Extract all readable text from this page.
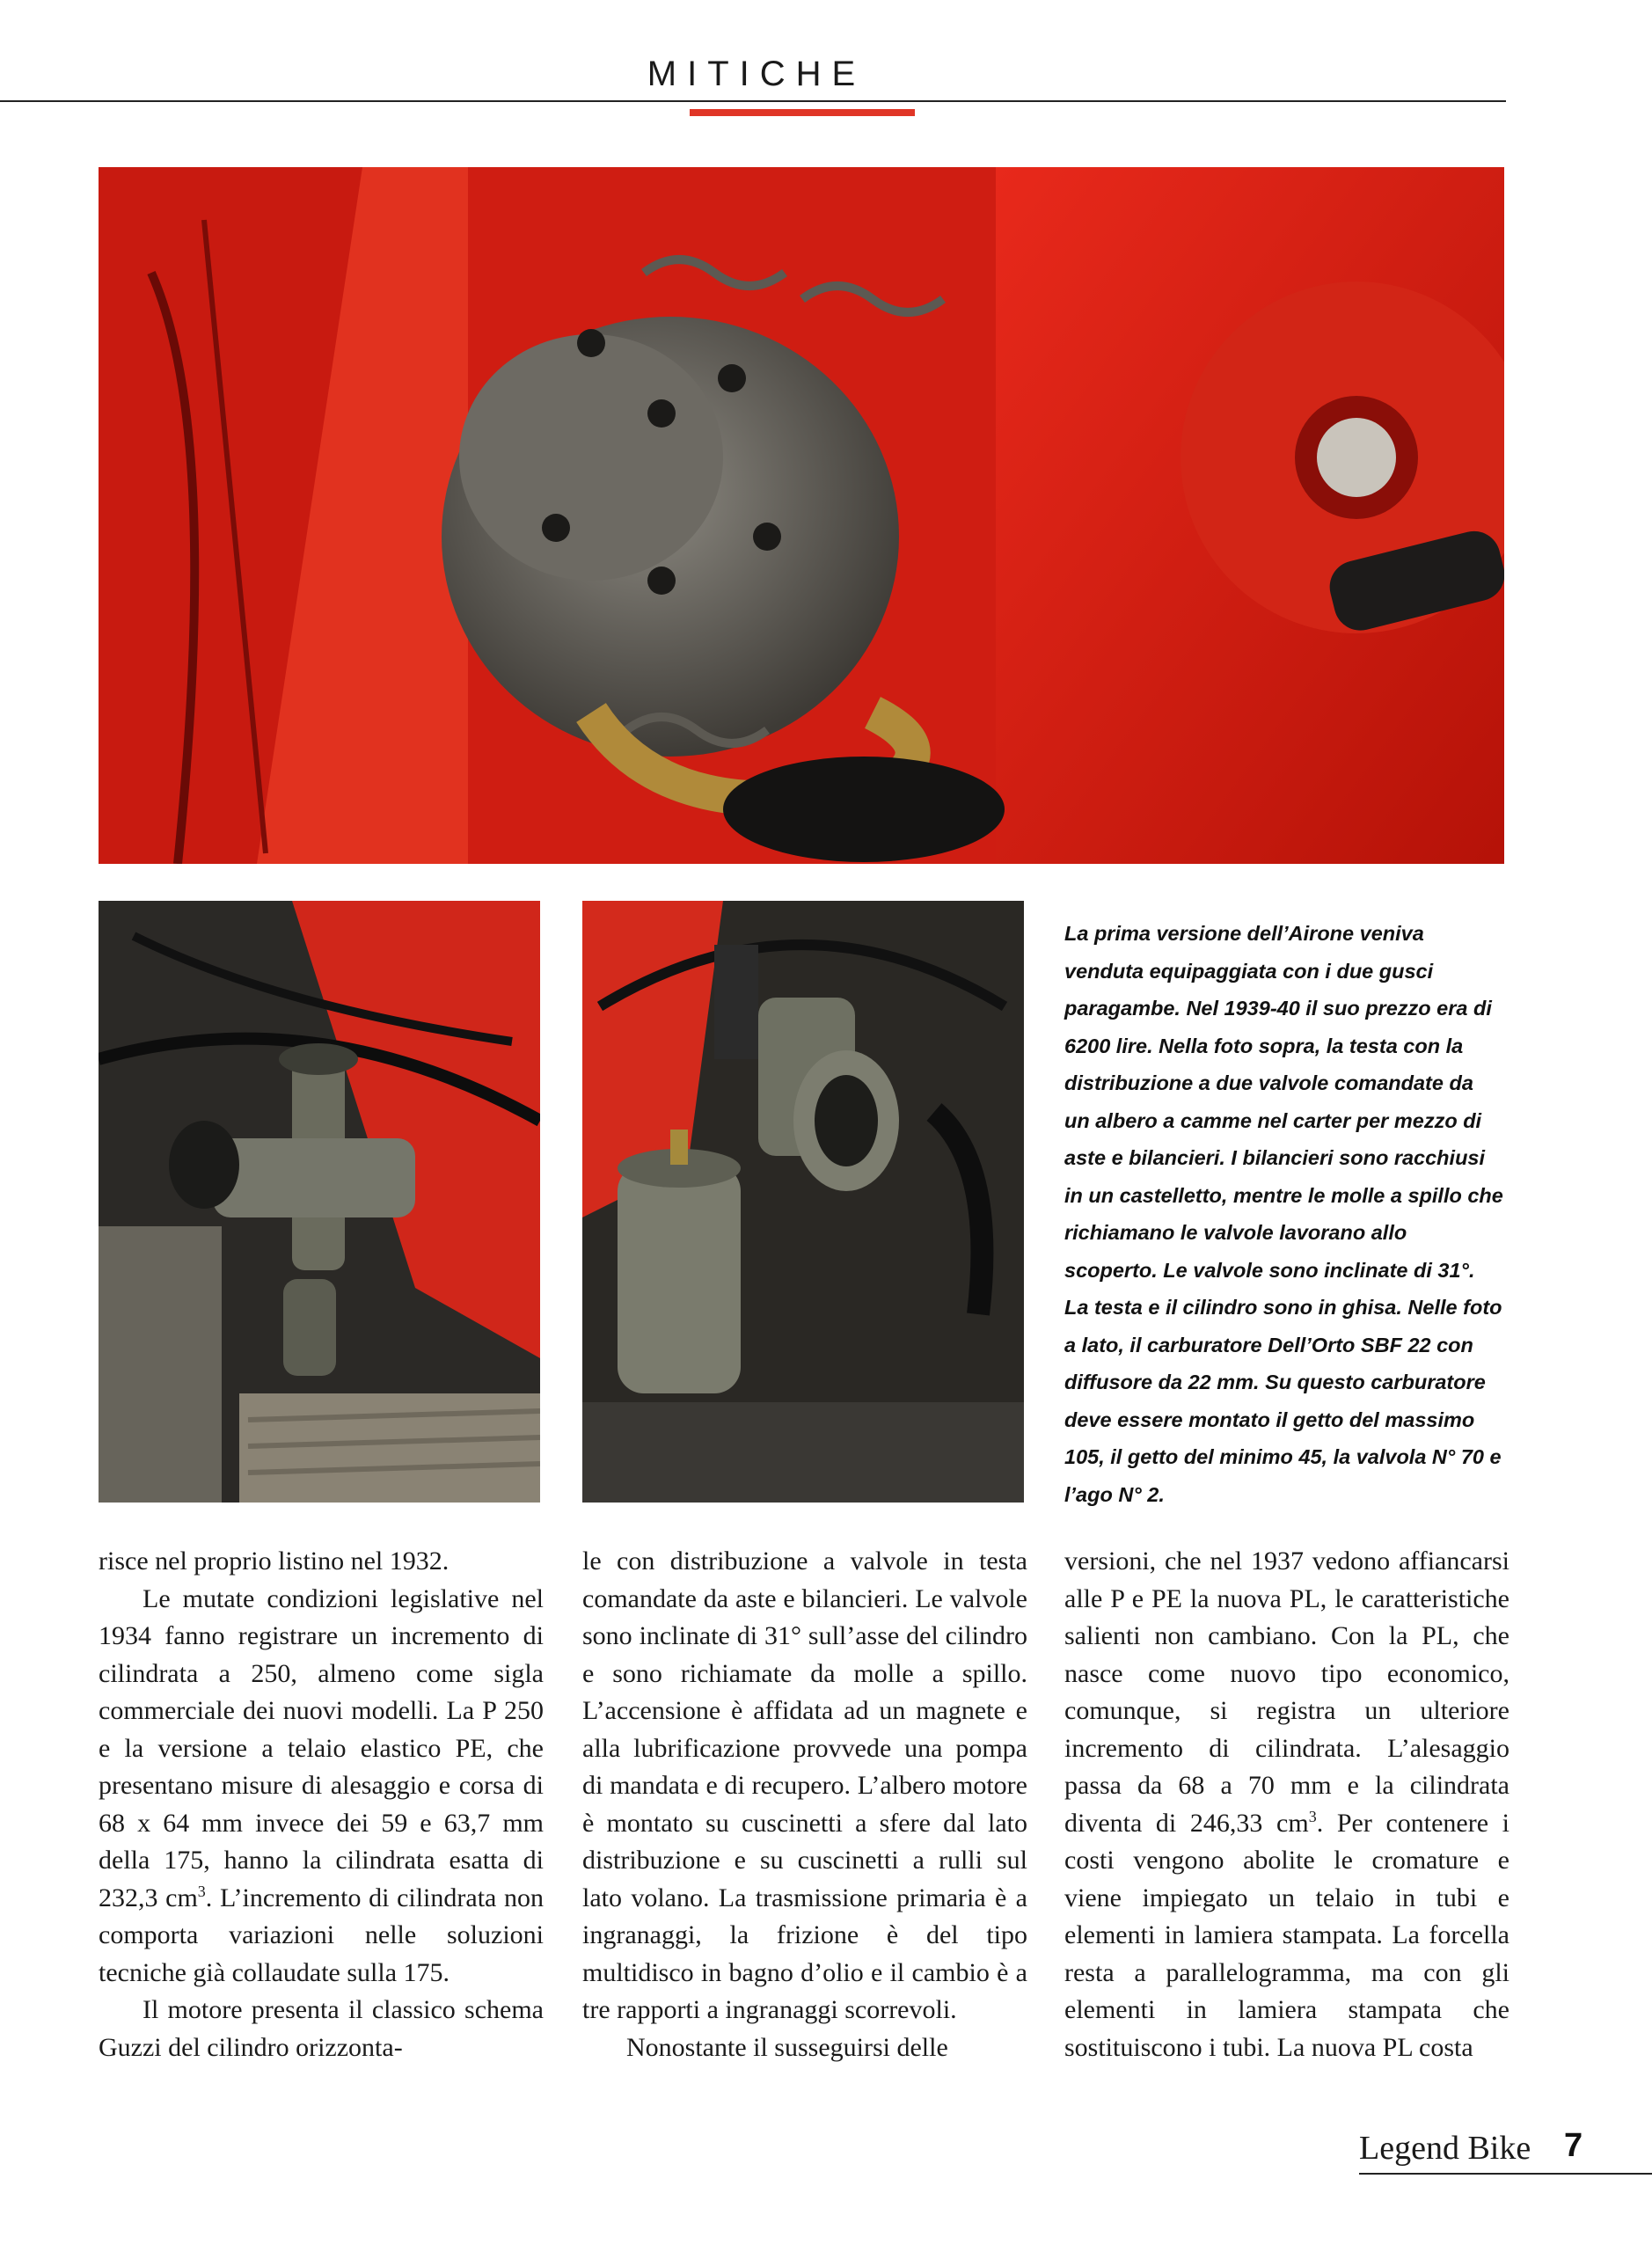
MITICHE
La prima versione dell’Airone veniva venduta equipaggiata con i due gusci paragambe. Nel 1939-40 il suo prezzo era di 6200 lire. Nella foto sopra, la testa con la distribuzione a due valvole comandate da un albero a camme nel carter per mezzo di aste e bilancieri. I bilancieri sono racchiusi in un castelletto, mentre le molle a spillo che richiamano le valvole lavorano allo scoperto. Le valvole sono inclinate di 31°. La testa e il cilindro sono in ghisa. Nelle foto a lato, il carburatore Dell’Orto SBF 22 con diffusore da 22 mm. Su questo carburatore deve essere montato il getto del massimo 105, il getto del minimo 45, la valvola N° 70 e l’ago N° 2.

risce nel proprio listino nel 1932.

Le mutate condizioni legislative nel 1934 fanno registrare un incremento di cilindrata a 250, almeno come sigla commerciale dei nuovi modelli. La P 250 e la versione a telaio elastico PE, che presentano misure di alesaggio e corsa di 68 x 64 mm invece dei 59 e 63,7 mm della 175, hanno la cilindrata esatta di 232,3 $cm^3$. L’incremento di cilindrata non comporta variazioni nelle soluzioni tecniche già collaudate sulla 175.

Il motore presenta il classico schema Guzzi del cilindro orizzonta-

le con distribuzione a valvole in testa comandate da aste e bilancieri. Le valvole sono inclinate di 31° sull’asse del cilindro e sono richiamate da molle a spillo. L’accensione è affidata ad un magnete e alla lubrificazione provvede una pompa di mandata e di recupero. L’albero motore è montato su cuscinetti a sfere dal lato distribuzione e su cuscinetti a rulli sul lato volano. La trasmissione primaria è a ingranaggi, la frizione è del tipo multidisco in bagno d’olio e il cambio è a tre rapporti a ingranaggi scorrevoli.

Nonostante il susseguirsi delle

versioni, che nel 1937 vedono affiancarsi alle P e PE la nuova PL, le caratteristiche salienti non cambiano. Con la PL, che nasce come nuovo tipo economico, comunque, si registra un ulteriore incremento di cilindrata. L’alesaggio passa da 68 a 70 mm e la cilindrata diventa di 246,33 $cm^3$. Per contenere i costi vengono abolite le cromature e viene impiegato un telaio in tubi e elementi in lamiera stampata. La forcella resta a parallelogramma, ma con gli elementi in lamiera stampata che sostituiscono i tubi. La nuova PL costa

Legend Bike 7
